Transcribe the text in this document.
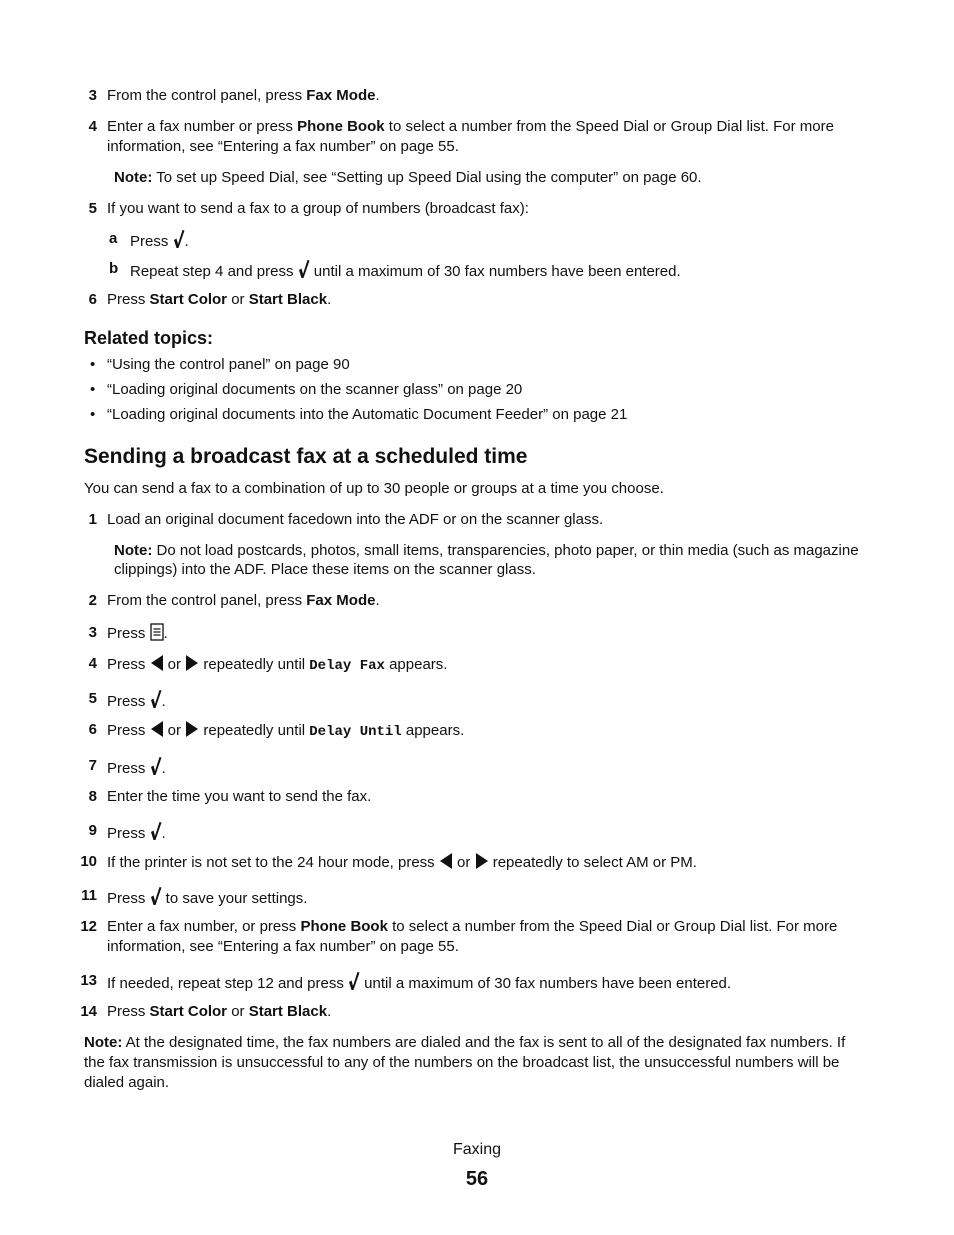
3 From the control panel, press Fax Mode.
4 Enter a fax number or press Phone Book to select a number from the Speed Dial or Group Dial list. For more
information, see “Entering a fax number” on page 55.
Note: To set up Speed Dial, see “Setting up Speed Dial using the computer” on page 60.
5 If you want to send a fax to a group of numbers (broadcast fax):
a Press .
b Repeat step 4 and press  until a maximum of 30 fax numbers have been entered.
6 Press Start Color or Start Black.
Related topics:
• “Using the control panel” on page 90
• “Loading original documents on the scanner glass” on page 20
• “Loading original documents into the Automatic Document Feeder” on page 21
Sending a broadcast fax at a scheduled time
You can send a fax to a combination of up to 30 people or groups at a time you choose.
1 Load an original document facedown into the ADF or on the scanner glass.
Note: Do not load postcards, photos, small items, transparencies, photo paper, or thin media (such as magazine
clippings) into the ADF. Place these items on the scanner glass.
2 From the control panel, press Fax Mode.
3 Press .
4 Press  or  repeatedly until Delay Fax appears.
5 Press .
6 Press  or  repeatedly until Delay Until appears.
7 Press .
8 Enter the time you want to send the fax.
9 Press .
10 If the printer is not set to the 24 hour mode, press  or  repeatedly to select AM or PM.
11 Press  to save your settings.
12 Enter a fax number, or press Phone Book to select a number from the Speed Dial or Group Dial list. For more
information, see “Entering a fax number” on page 55.
13 If needed, repeat step 12 and press  until a maximum of 30 fax numbers have been entered.
14 Press Start Color or Start Black.
Note: At the designated time, the fax numbers are dialed and the fax is sent to all of the designated fax numbers. If
the fax transmission is unsuccessful to any of the numbers on the broadcast list, the unsuccessful numbers will be
dialed again.
Faxing
56
